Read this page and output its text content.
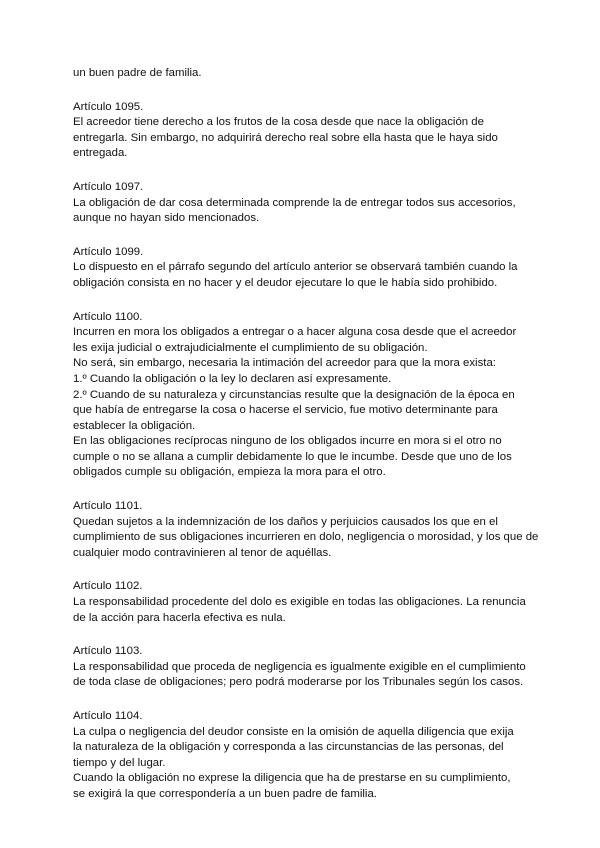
un buen padre de familia.
Artículo 1095.
El acreedor tiene derecho a los frutos de la cosa desde que nace la obligación de
entregarla. Sin embargo, no adquirirá derecho real sobre ella hasta que le haya sido
entregada.
Artículo 1097.
La obligación de dar cosa determinada comprende la de entregar todos sus accesorios,
aunque no hayan sido mencionados.
Artículo 1099.
Lo dispuesto en el párrafo segundo del artículo anterior se observará también cuando la
obligación consista en no hacer y el deudor ejecutare lo que le había sido prohibido.
Artículo 1100.
Incurren en mora los obligados a entregar o a hacer alguna cosa desde que el acreedor
les exija judicial o extrajudicialmente el cumplimiento de su obligación.
No será, sin embargo, necesaria la intimación del acreedor para que la mora exista:
1.º Cuando la obligación o la ley lo declaren así expresamente.
2.º Cuando de su naturaleza y circunstancias resulte que la designación de la época en
que había de entregarse la cosa o hacerse el servicio, fue motivo determinante para
establecer la obligación.
En las obligaciones recíprocas ninguno de los obligados incurre en mora si el otro no
cumple o no se allana a cumplir debidamente lo que le incumbe. Desde que uno de los
obligados cumple su obligación, empieza la mora para el otro.
Artículo 1101.
Quedan sujetos a la indemnización de los daños y perjuicios causados los que en el
cumplimiento de sus obligaciones incurrieren en dolo, negligencia o morosidad, y los que de
cualquier modo contravinieren al tenor de aquéllas.
Artículo 1102.
La responsabilidad procedente del dolo es exigible en todas las obligaciones. La renuncia
de la acción para hacerla efectiva es nula.
Artículo 1103.
La responsabilidad que proceda de negligencia es igualmente exigible en el cumplimiento
de toda clase de obligaciones; pero podrá moderarse por los Tribunales según los casos.
Artículo 1104.
La culpa o negligencia del deudor consiste en la omisión de aquella diligencia que exija
la naturaleza de la obligación y corresponda a las circunstancias de las personas, del
tiempo y del lugar.
Cuando la obligación no exprese la diligencia que ha de prestarse en su cumplimiento,
se exigirá la que correspondería a un buen padre de familia.
